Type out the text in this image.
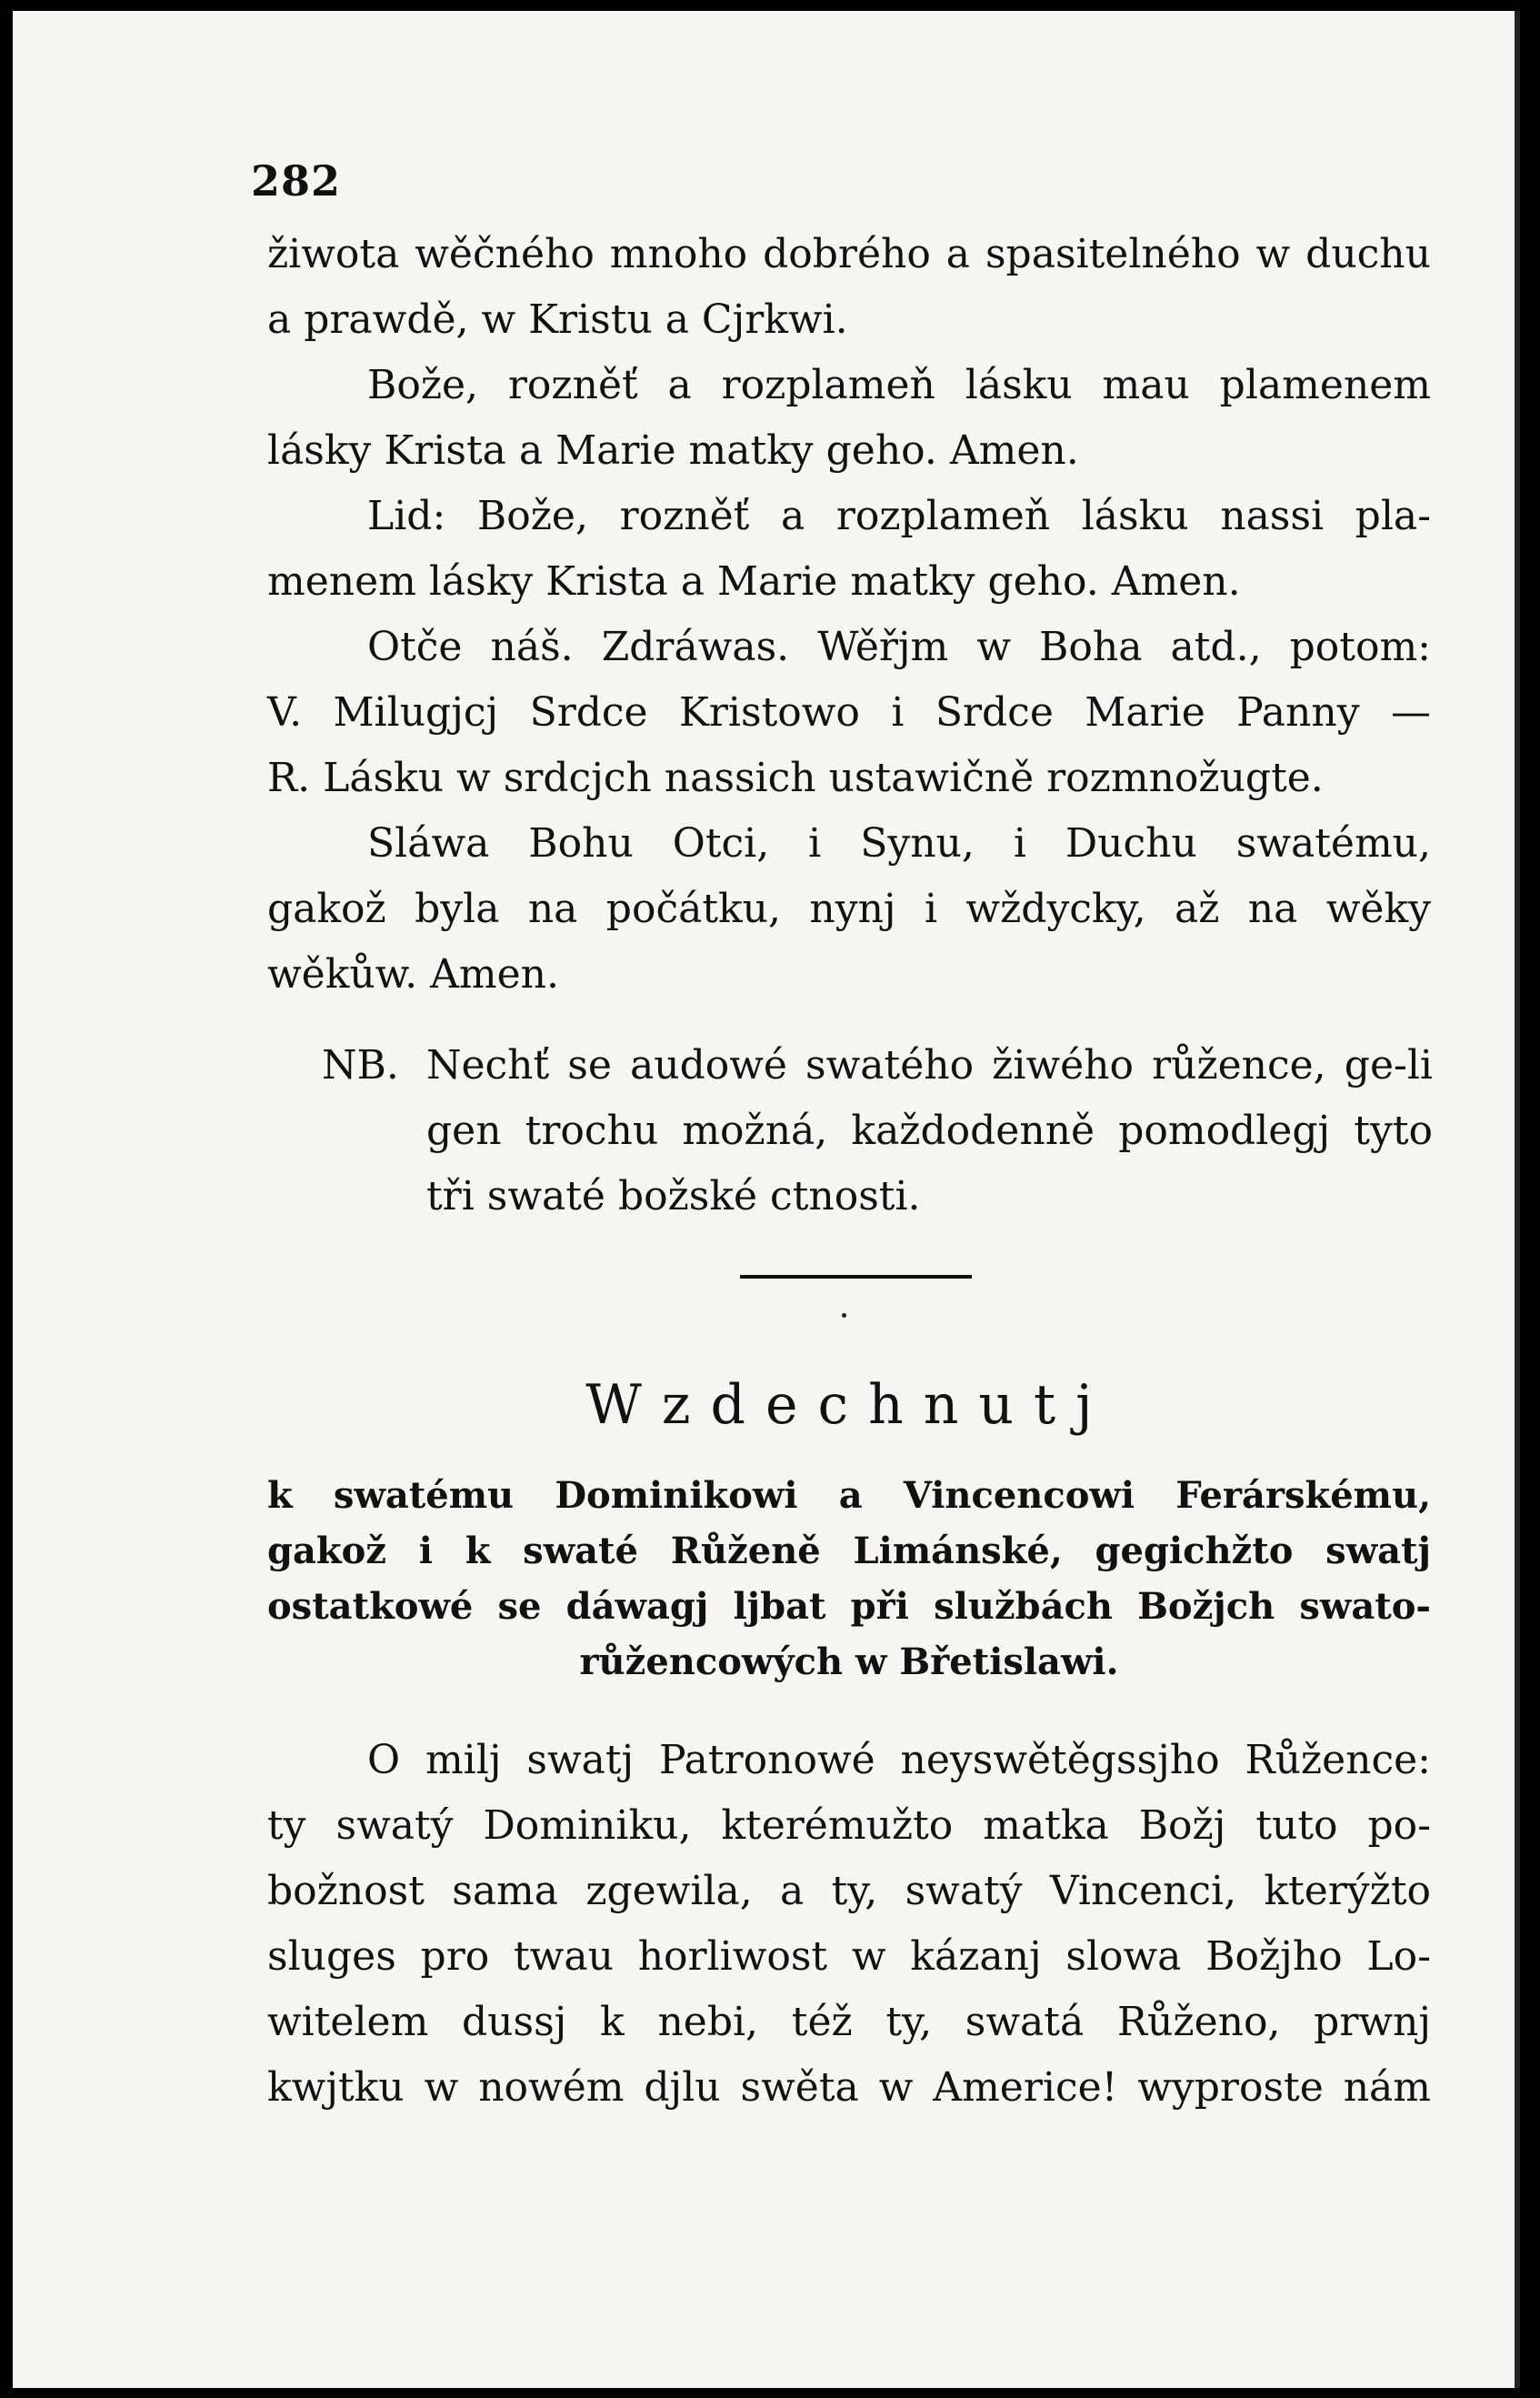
282
žiwota wěčného mnoho dobrého a spasitelného w duchu
a prawdě, w Kristu a Cjrkwi.
Bože, rozněť a rozplameň lásku mau plamenem
lásky Krista a Marie matky geho. Amen.
Lid: Bože, rozněť a rozplameň lásku nassi pla-
menem lásky Krista a Marie matky geho. Amen.
Otče náš. Zdráwas. Wěřjm w Boha atd., potom:
V. Milugjcj Srdce Kristowo i Srdce Marie Panny —
R. Lásku w srdcjch nassich ustawičně rozmnožugte.
Sláwa Bohu Otci, i Synu, i Duchu swatému,
gakož byla na počátku, nynj i wždycky, až na wěky
wěkůw. Amen.
NB. Nechť se audowé swatého žiwého růžence, ge-li
gen trochu možná, každodenně pomodlegj tyto
tři swaté božské ctnosti.
Wzdechnutj
k swatému Dominikowi a Vincencowi Ferárskému,
gakož i k swaté Růženě Limánské, gegichžto swatj
ostatkowé se dáwagj ljbat při službách Božjch swato-
růžencowých w Břetislawi.
O milj swatj Patronowé neyswětěgssjho Růžence:
ty swatý Dominiku, kterémužto matka Božj tuto po-
božnost sama zgewila, a ty, swatý Vincenci, kterýžto
sluges pro twau horliwost w kázanj slowa Božjho Lo-
witelem dussj k nebi, též ty, swatá Růženo, prwnj
kwjtku w nowém djlu swěta w Americe! wyproste nám
